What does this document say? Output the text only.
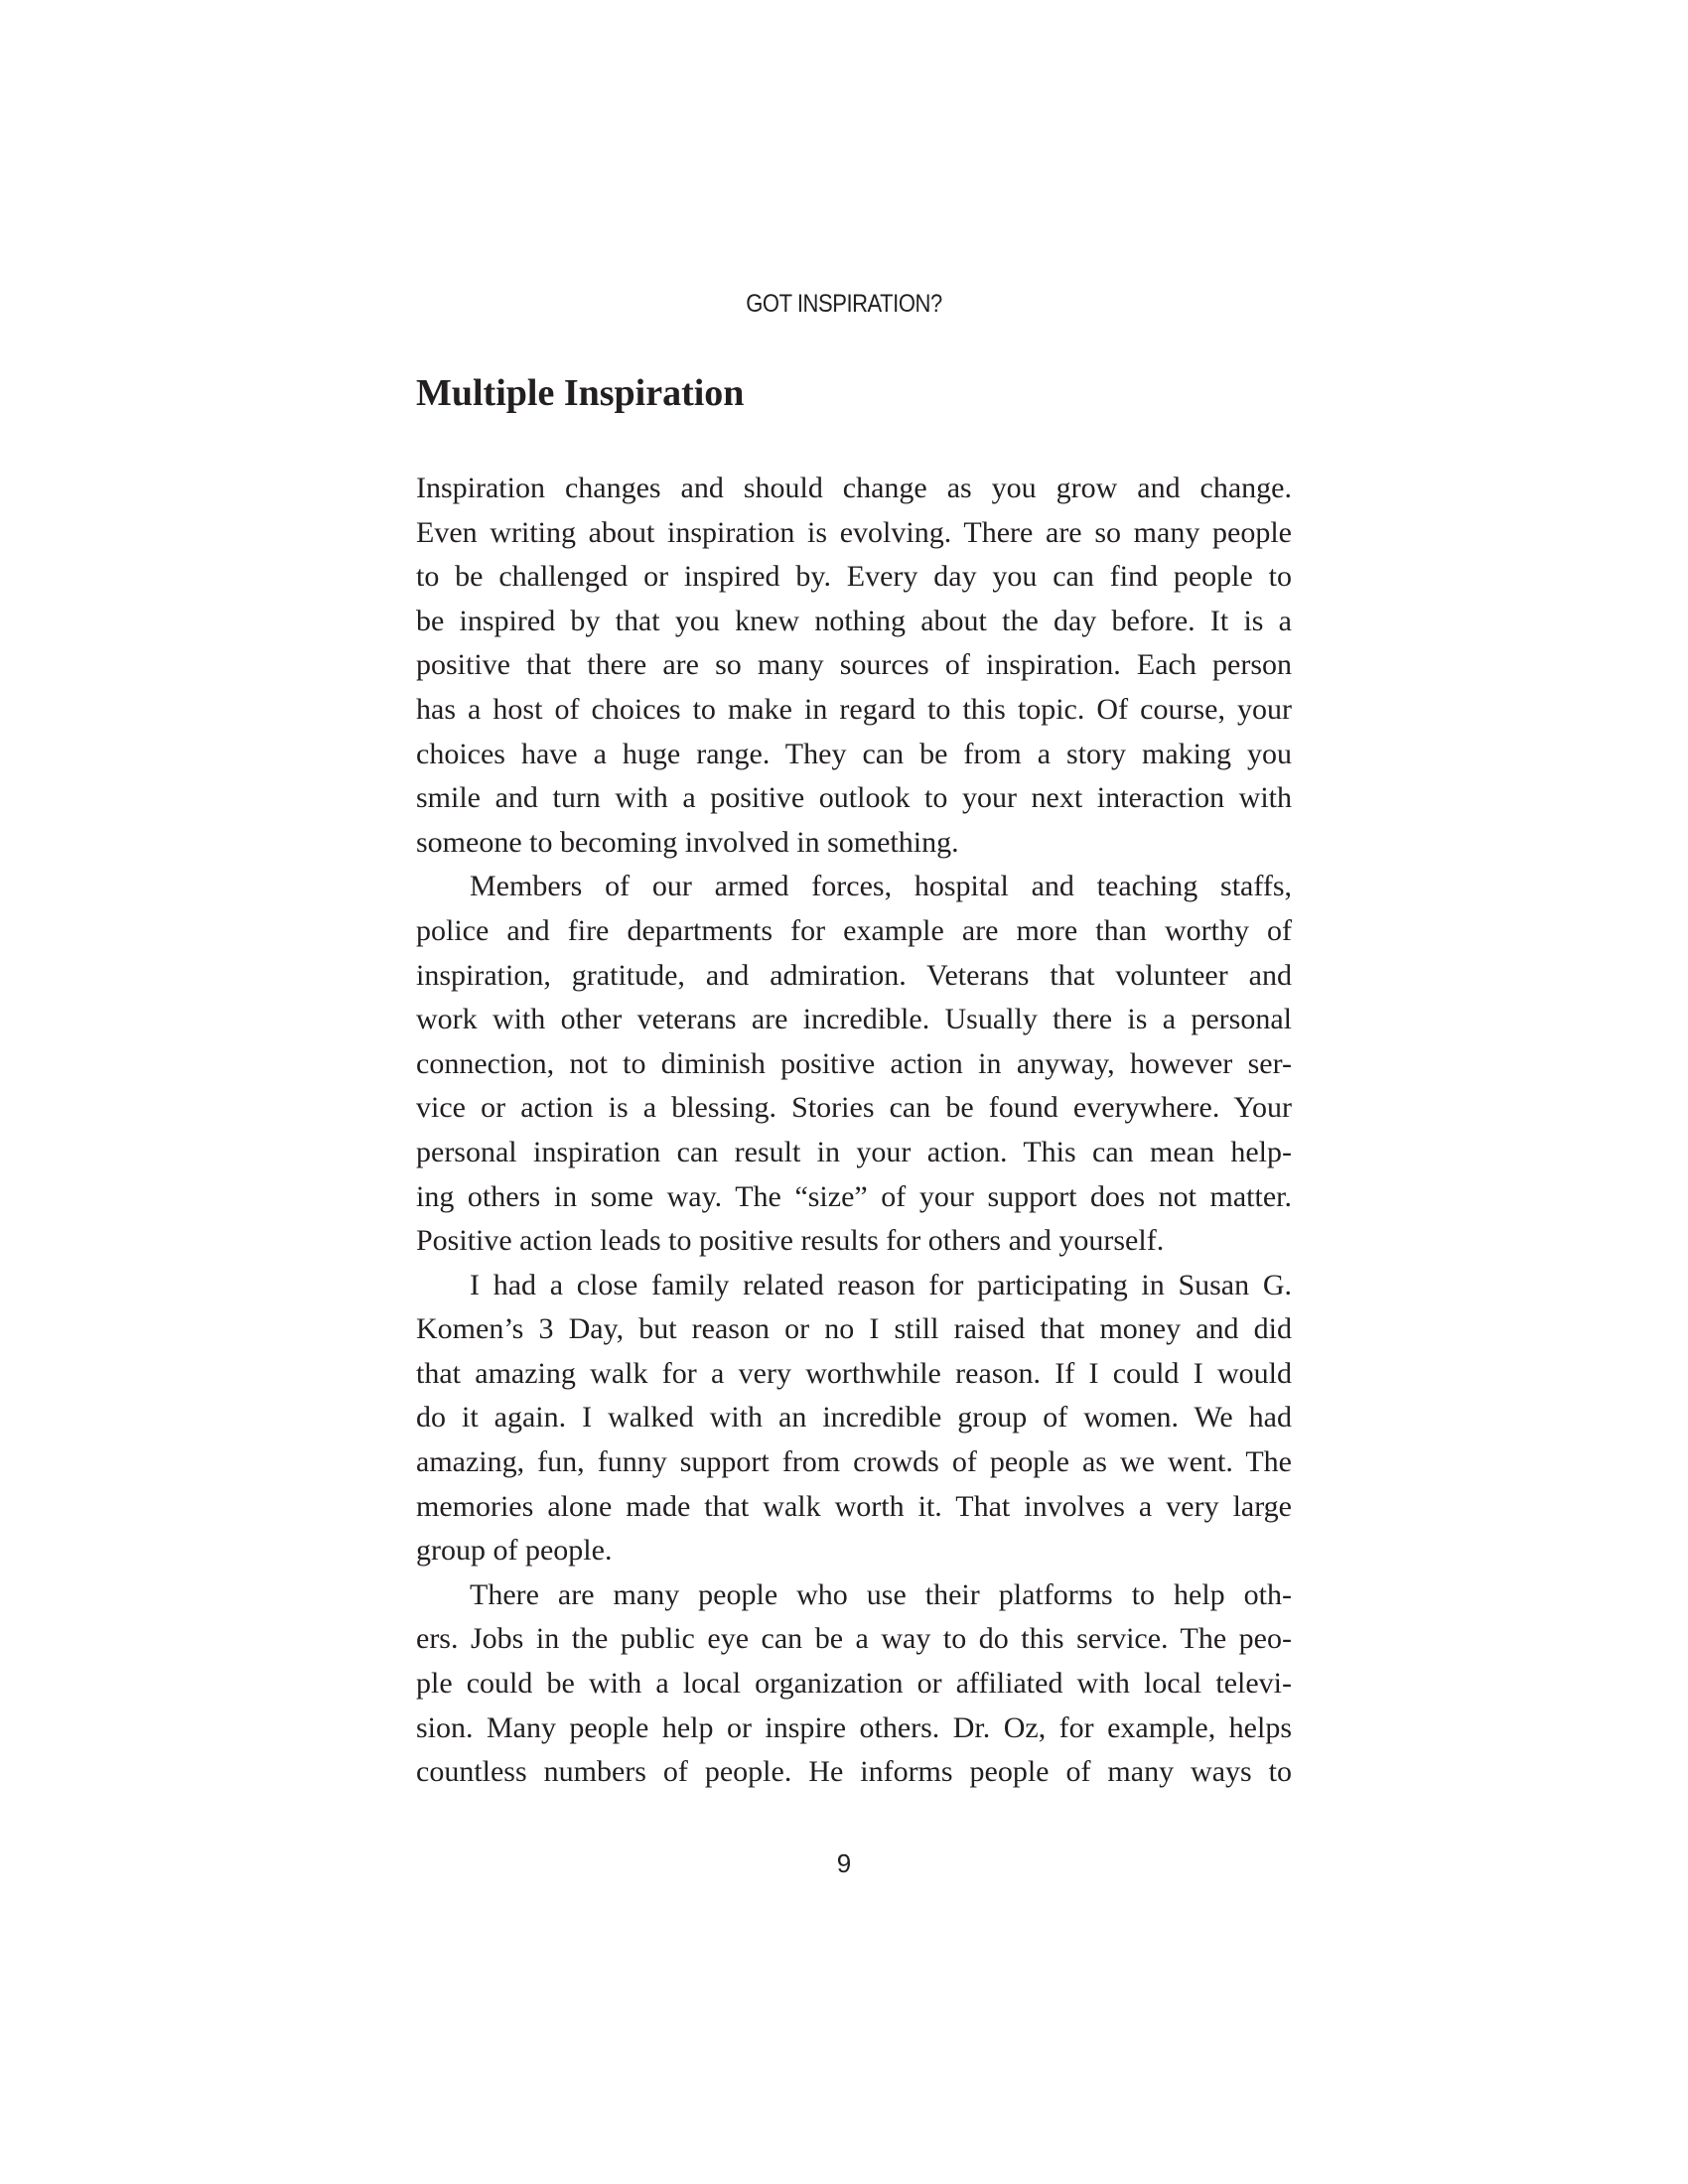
GOT INSPIRATION?
Multiple Inspiration
Inspiration changes and should change as you grow and change.
Even writing about inspiration is evolving. There are so many people
to be challenged or inspired by. Every day you can find people to
be inspired by that you knew nothing about the day before. It is a
positive that there are so many sources of inspiration. Each person
has a host of choices to make in regard to this topic. Of course, your
choices have a huge range. They can be from a story making you
smile and turn with a positive outlook to your next interaction with
someone to becoming involved in something.
Members of our armed forces, hospital and teaching staffs,
police and fire departments for example are more than worthy of
inspiration, gratitude, and admiration. Veterans that volunteer and
work with other veterans are incredible. Usually there is a personal
connection, not to diminish positive action in anyway, however ser-
vice or action is a blessing. Stories can be found everywhere. Your
personal inspiration can result in your action. This can mean help-
ing others in some way. The “size” of your support does not matter.
Positive action leads to positive results for others and yourself.
I had a close family related reason for participating in Susan G.
Komen’s 3 Day, but reason or no I still raised that money and did
that amazing walk for a very worthwhile reason. If I could I would
do it again. I walked with an incredible group of women. We had
amazing, fun, funny support from crowds of people as we went. The
memories alone made that walk worth it. That involves a very large
group of people.
There are many people who use their platforms to help oth-
ers. Jobs in the public eye can be a way to do this service. The peo-
ple could be with a local organization or affiliated with local televi-
sion. Many people help or inspire others. Dr. Oz, for example, helps
countless numbers of people. He informs people of many ways to
9
